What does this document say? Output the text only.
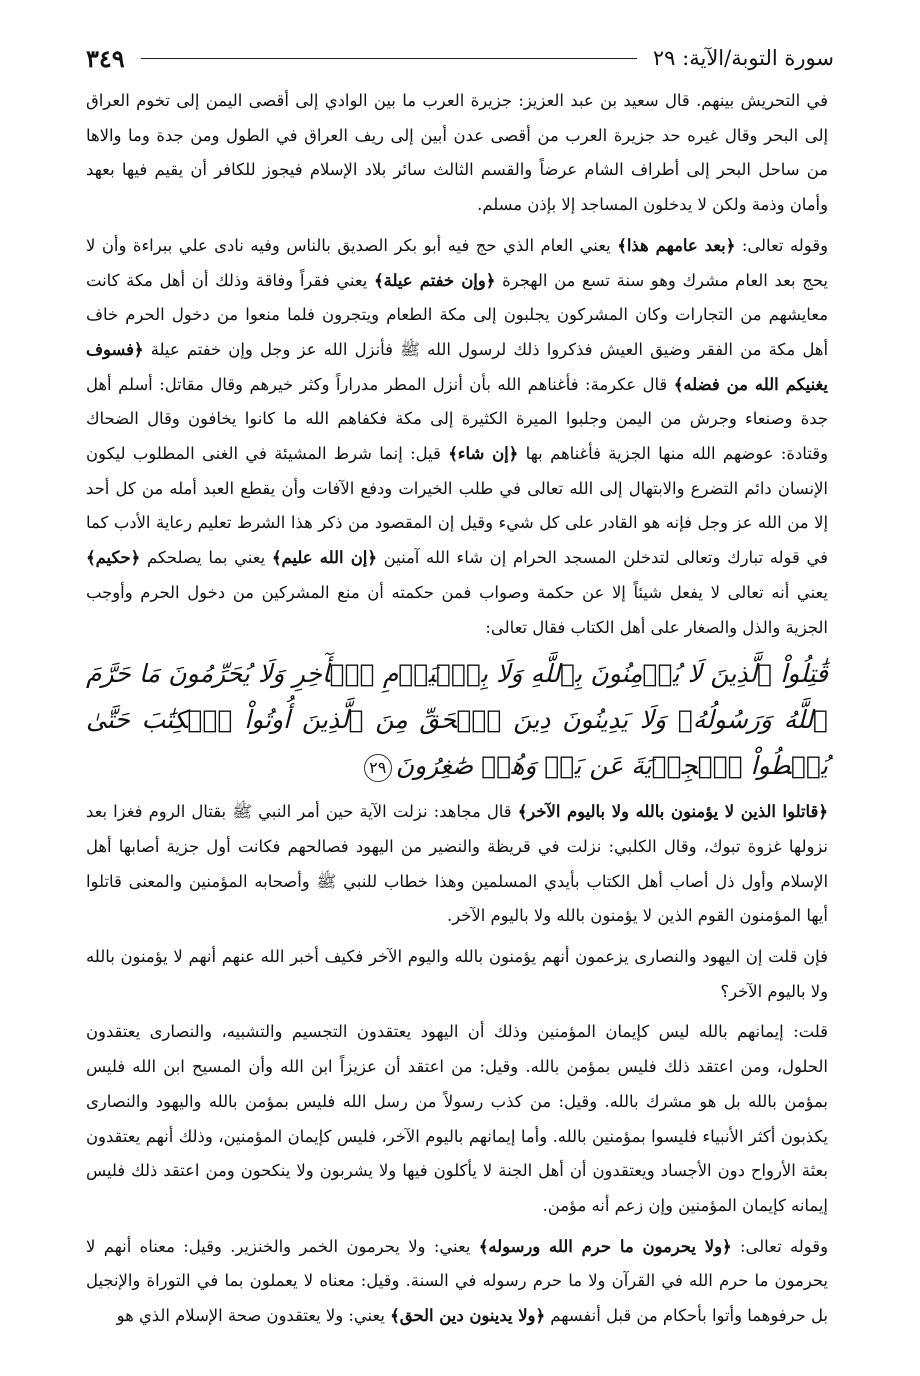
سورة التوبة/الآية: ٢٩
٣٤٩

في التحريش بينهم. قال سعيد بن عبد العزيز: جزيرة العرب ما بين الوادي إلى أقصى اليمن إلى تخوم العراق إلى البحر وقال غيره حد جزيرة العرب من أقصى عدن أبين إلى ريف العراق في الطول ومن جدة وما والاها من ساحل البحر إلى أطراف الشام عرضاً والقسم الثالث سائر بلاد الإسلام فيجوز للكافر أن يقيم فيها بعهد وأمان وذمة ولكن لا يدخلون المساجد إلا بإذن مسلم.

وقوله تعالى: ﴿بعد عامهم هذا﴾ يعني العام الذي حج فيه أبو بكر الصديق بالناس وفيه نادى علي ببراءة وأن لا يحج بعد العام مشرك وهو سنة تسع من الهجرة ﴿وإن خفتم عيلة﴾ يعني فقراً وفاقة وذلك أن أهل مكة كانت معايشهم من التجارات وكان المشركون يجلبون إلى مكة الطعام ويتجرون فلما منعوا من دخول الحرم خاف أهل مكة من الفقر وضيق العيش فذكروا ذلك لرسول الله ﷺ فأنزل الله عز وجل وإن خفتم عيلة ﴿فسوف يغنيكم الله من فضله﴾ قال عكرمة: فأغناهم الله بأن أنزل المطر مدراراً وكثر خيرهم وقال مقاتل: أسلم أهل جدة وصنعاء وجرش من اليمن وجلبوا الميرة الكثيرة إلى مكة فكفاهم الله ما كانوا يخافون وقال الضحاك وقتادة: عوضهم الله منها الجزية فأغناهم بها ﴿إن شاء﴾ قيل: إنما شرط المشيئة في الغنى المطلوب ليكون الإنسان دائم التضرع والابتهال إلى الله تعالى في طلب الخيرات ودفع الآفات وأن يقطع العبد أمله من كل أحد إلا من الله عز وجل فإنه هو القادر على كل شيء وقيل إن المقصود من ذكر هذا الشرط تعليم رعاية الأدب كما في قوله تبارك وتعالى لتدخلن المسجد الحرام إن شاء الله آمنين ﴿إن الله عليم﴾ يعني بما يصلحكم ﴿حكيم﴾ يعني أنه تعالى لا يفعل شيئاً إلا عن حكمة وصواب فمن حكمته أن منع المشركين من دخول الحرم وأوجب الجزية والذل والصغار على أهل الكتاب فقال تعالى:

قَٰتِلُواْ ٱلَّذِينَ لَا يُؤۡمِنُونَ بِٱللَّهِ وَلَا بِٱلۡيَوۡمِ ٱلۡأٓخِرِ وَلَا يُحَرِّمُونَ مَا حَرَّمَ ٱللَّهُ وَرَسُولُهُۥ وَلَا يَدِينُونَ دِينَ ٱلۡحَقِّ مِنَ ٱلَّذِينَ أُوتُواْ ٱلۡكِتَٰبَ حَتَّىٰ يُعۡطُواْ ٱلۡجِزۡيَةَ عَن يَدٖ وَهُمۡ صَٰغِرُونَ٢٩

﴿قاتلوا الذين لا يؤمنون بالله ولا باليوم الآخر﴾ قال مجاهد: نزلت الآية حين أمر النبي ﷺ بقتال الروم فغزا بعد نزولها غزوة تبوك، وقال الكلبي: نزلت في قريظة والنضير من اليهود فصالحهم فكانت أول جزية أصابها أهل الإسلام وأول ذل أصاب أهل الكتاب بأيدي المسلمين وهذا خطاب للنبي ﷺ وأصحابه المؤمنين والمعنى قاتلوا أيها المؤمنون القوم الذين لا يؤمنون بالله ولا باليوم الآخر.

فإن قلت إن اليهود والنصارى يزعمون أنهم يؤمنون بالله واليوم الآخر فكيف أخبر الله عنهم أنهم لا يؤمنون بالله ولا باليوم الآخر؟

قلت: إيمانهم بالله ليس كإيمان المؤمنين وذلك أن اليهود يعتقدون التجسيم والتشبيه، والنصارى يعتقدون الحلول، ومن اعتقد ذلك فليس بمؤمن بالله. وقيل: من اعتقد أن عزيزاً ابن الله وأن المسيح ابن الله فليس بمؤمن بالله بل هو مشرك بالله. وقيل: من كذب رسولاً من رسل الله فليس بمؤمن بالله واليهود والنصارى يكذبون أكثر الأنبياء فليسوا بمؤمنين بالله. وأما إيمانهم باليوم الآخر، فليس كإيمان المؤمنين، وذلك أنهم يعتقدون بعثة الأرواح دون الأجساد ويعتقدون أن أهل الجنة لا يأكلون فيها ولا يشربون ولا ينكحون ومن اعتقد ذلك فليس إيمانه كإيمان المؤمنين وإن زعم أنه مؤمن.

وقوله تعالى: ﴿ولا يحرمون ما حرم الله ورسوله﴾ يعني: ولا يحرمون الخمر والخنزير. وقيل: معناه أنهم لا يحرمون ما حرم الله في القرآن ولا ما حرم رسوله في السنة. وقيل: معناه لا يعملون بما في التوراة والإنجيل بل حرفوهما وأتوا بأحكام من قبل أنفسهم ﴿ولا يدينون دين الحق﴾ يعني: ولا يعتقدون صحة الإسلام الذي هو
